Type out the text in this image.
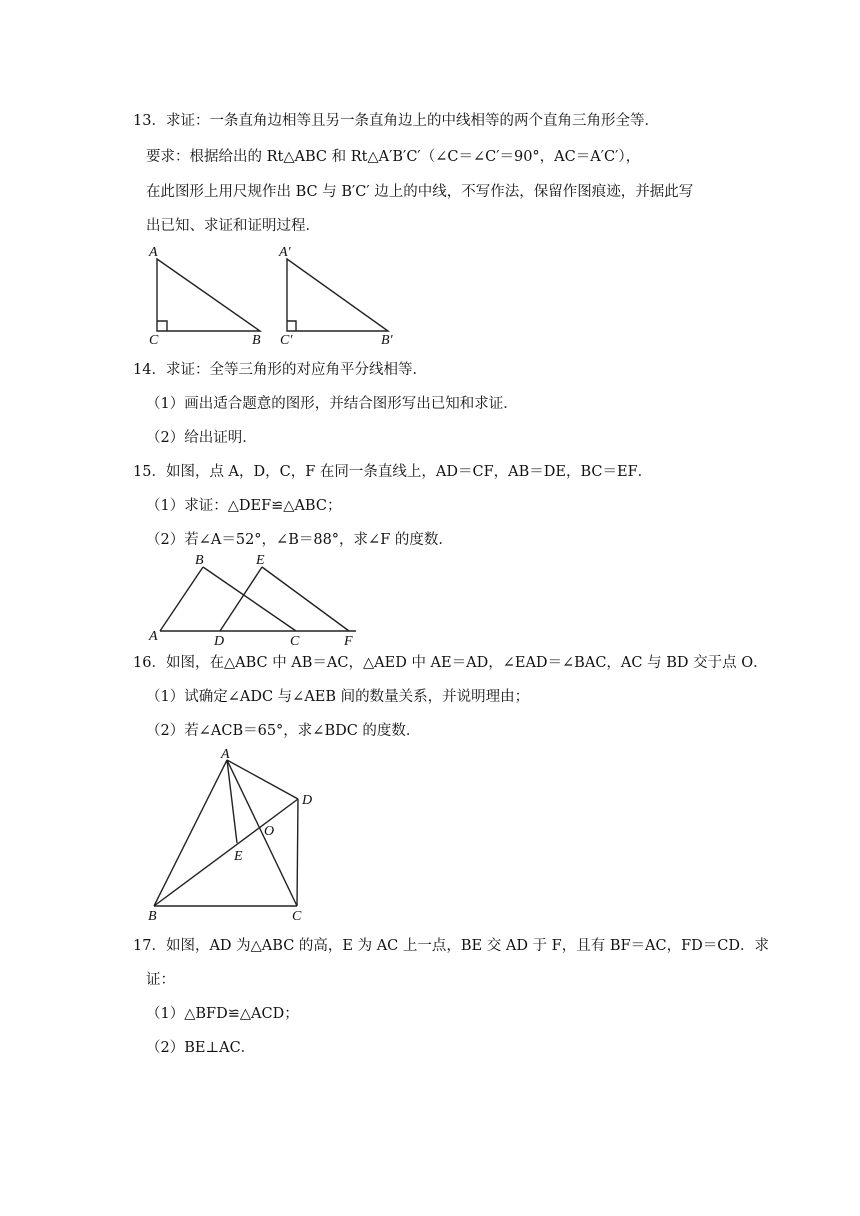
13．求证：一条直角边相等且另一条直角边上的中线相等的两个直角三角形全等．
要求：根据给出的 Rt△ABC 和 Rt△A′B′C′（∠C＝∠C′＝90°，AC＝A′C′），
在此图形上用尺规作出 BC 与 B′C′ 边上的中线，不写作法，保留作图痕迹，并据此写
出已知、求证和证明过程．
A
C	B
A′
C′	B′
14．求证：全等三角形的对应角平分线相等．
（1）画出适合题意的图形，并结合图形写出已知和求证．
（2）给出证明．
15．如图，点 A，D，C，F 在同一条直线上，AD＝CF，AB＝DE，BC＝EF．
（1）求证：△DEF≌△ABC；
（2）若∠A＝52°，∠B＝88°，求∠F 的度数．
B	E
A	D	C	F
16．如图，在△ABC 中 AB＝AC，△AED 中 AE＝AD，∠EAD＝∠BAC，AC 与 BD 交于点 O．
（1）试确定∠ADC 与∠AEB 间的数量关系，并说明理由；
（2）若∠ACB＝65°，求∠BDC 的度数．
A
D
O
E
B	C
17．如图，AD 为△ABC 的高，E 为 AC 上一点，BE 交 AD 于 F，且有 BF＝AC，FD＝CD．求
证：
（1）△BFD≌△ACD；
（2）BE⊥AC．
